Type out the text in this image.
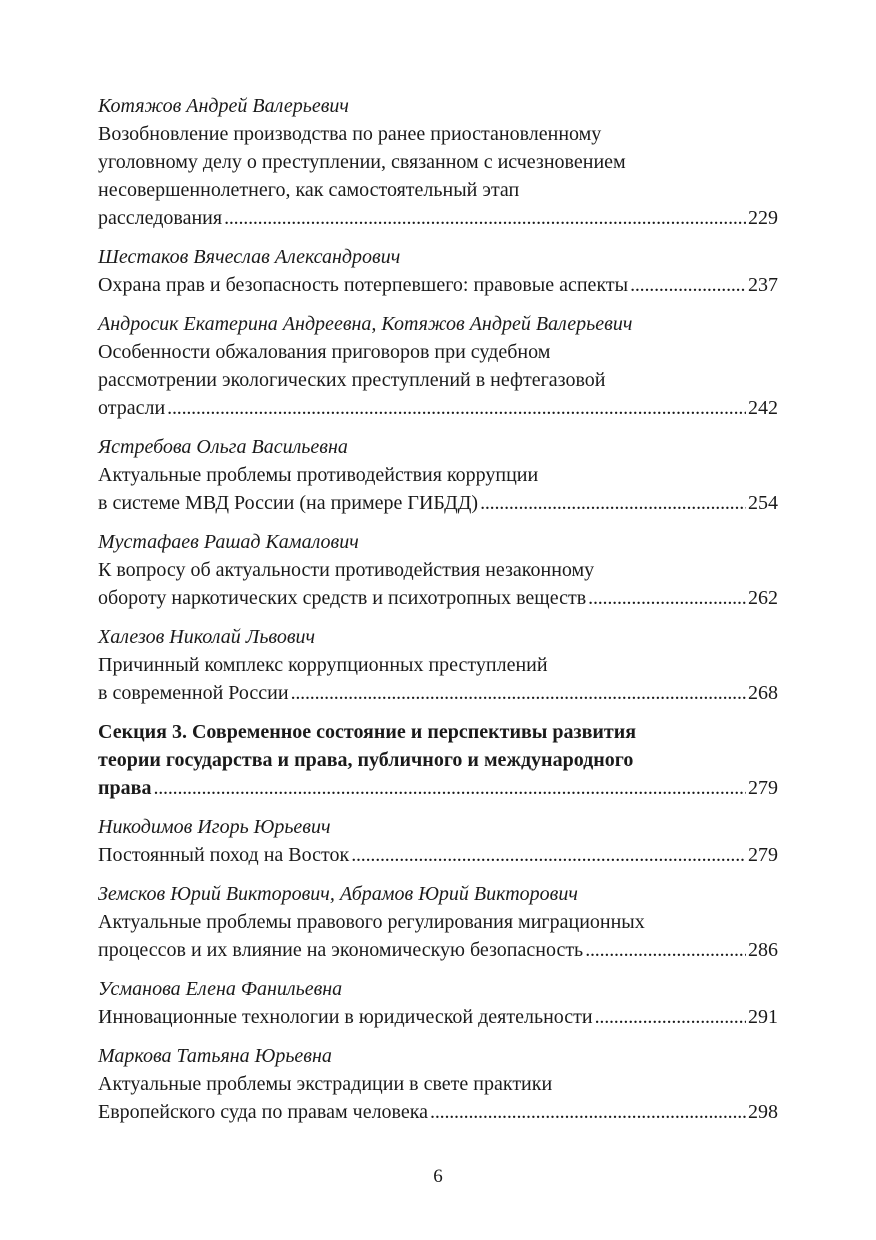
Котяжов Андрей Валерьевич
Возобновление производства по ранее приостановленному
уголовному делу о преступлении, связанном с исчезновением
несовершеннолетнего, как самостоятельный этап
расследования . . .	229
Шестаков Вячеслав Александрович
Охрана прав и безопасность потерпевшего: правовые аспекты . . .	237
Андросик Екатерина Андреевна, Котяжов Андрей Валерьевич
Особенности обжалования приговоров при судебном
рассмотрении экологических преступлений в нефтегазовой
отрасли . . .	242
Ястребова Ольга Васильевна
Актуальные проблемы противодействия коррупции
в системе МВД России (на примере ГИБДД) . . .	254
Мустафаев Рашад Камалович
К вопросу об актуальности противодействия незаконному
обороту наркотических средств и психотропных веществ . . .	262
Халезов Николай Львович
Причинный комплекс коррупционных преступлений
в современной России . . .	268
Секция 3. Современное состояние и перспективы развития
теории государства и права, публичного и международного
права . . .	279
Никодимов Игорь Юрьевич
Постоянный поход на Восток . . .	279
Земсков Юрий Викторович, Абрамов Юрий Викторович
Актуальные проблемы правового регулирования миграционных
процессов и их влияние на экономическую безопасность . . .	286
Усманова Елена Фанильевна
Инновационные технологии в юридической деятельности . . .	291
Маркова Татьяна Юрьевна
Актуальные проблемы экстрадиции в свете практики
Европейского суда по правам человека . . .	298
6
